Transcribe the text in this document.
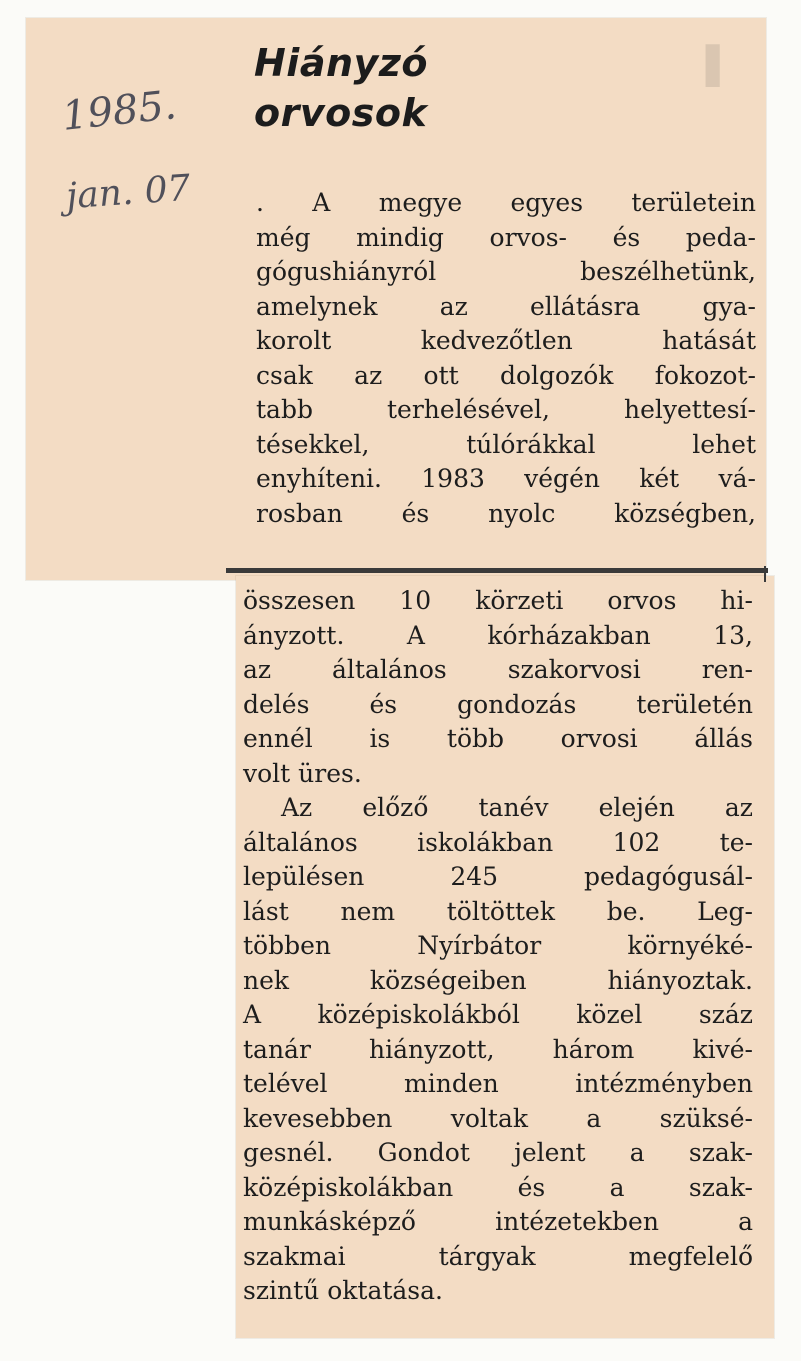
▌
Hiányzó
orvosok
1985.
jan. 07	. A megye egyes területein
még mindig orvos- és peda-
gógushiányról	beszélhetünk,
amelynek az ellátásra gya-
korolt	kedvezőtlen	hatását
csak az ott dolgozók fokozot-
tabb	terhelésével,	helyettesí-
tésekkel,	túlórákkal	lehet
enyhíteni. 1983 végén két vá-
rosban és nyolc községben,
összesen 10 körzeti orvos hi-
ányzott. A kórházakban 13,
az általános szakorvosi ren-
delés és gondozás területén
ennél is több orvosi állás
volt üres.
Az előző tanév elején az
általános iskolákban 102 te-
lepülésen	245	pedagógusál-
lást nem töltöttek be. Leg-
többen	Nyírbátor	környéké-
nek	községeiben	hiányoztak.
A középiskolákból közel száz
tanár hiányzott, három kivé-
telével	minden	intézményben
kevesebben voltak a szüksé-
gesnél. Gondot jelent a szak-
középiskolákban	és	a	szak-
munkásképző	intézetekben	a
szakmai	tárgyak	megfelelő
szintű oktatása.
